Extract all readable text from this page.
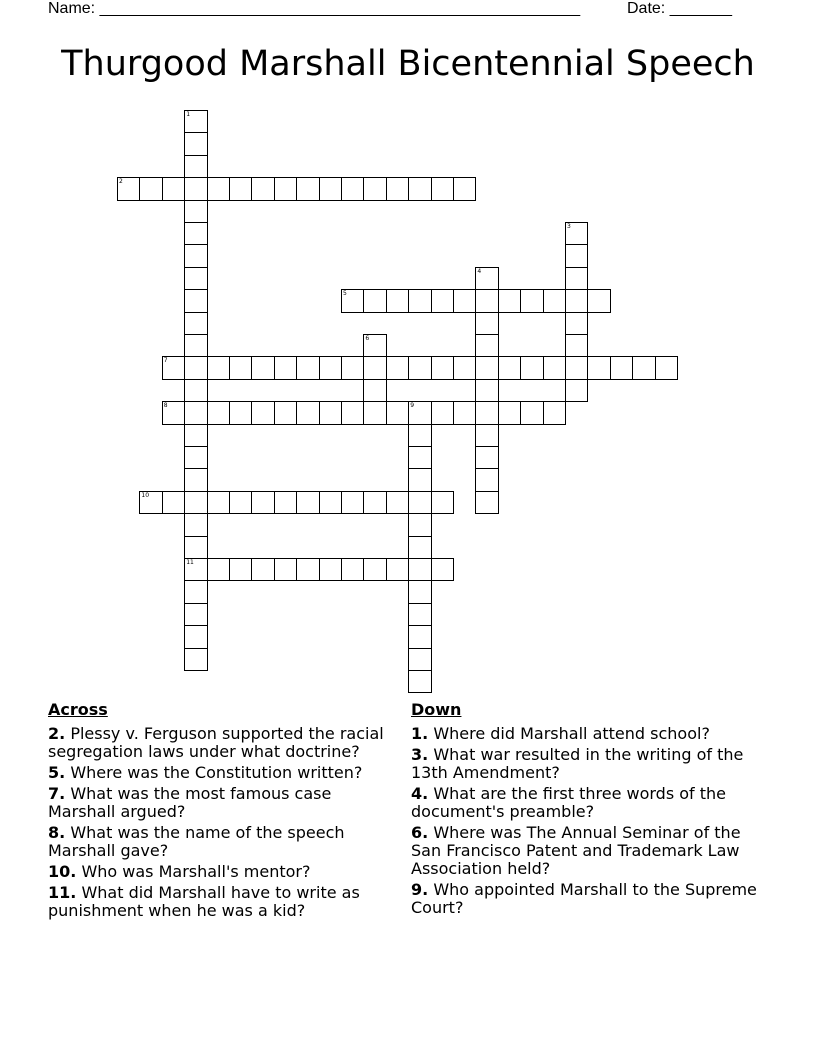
Name: ______________________________________________________	Date: _______
Thurgood Marshall Bicentennial Speech
1
11
2
3
4
5
6
7
8	9
10
Across
2. Plessy v. Ferguson supported the racial segregation laws under what doctrine?
5. Where was the Constitution written?
7. What was the most famous case Marshall argued?
8. What was the name of the speech Marshall gave?
10. Who was Marshall's mentor?
11. What did Marshall have to write as punishment when he was a kid?
Down
1. Where did Marshall attend school?
3. What war resulted in the writing of the 13th Amendment?
4. What are the first three words of the document's preamble?
6. Where was The Annual Seminar of the San Francisco Patent and Trademark Law Association held?
9. Who appointed Marshall to the Supreme Court?
